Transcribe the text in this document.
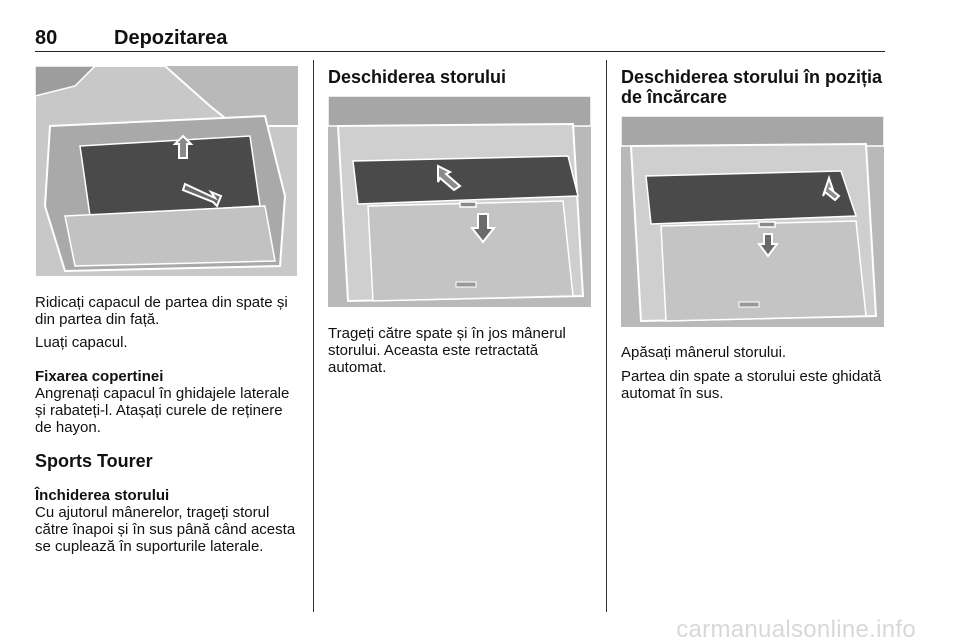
80	Depozitarea

Ridicați capacul de partea din spate și din partea din față.

Luați capacul.

Fixarea copertinei

Angrenați capacul în ghidajele laterale și rabateți-l. Atașați curele de reținere de hayon.

Sports Tourer

Închiderea storului

Cu ajutorul mânerelor, trageți storul către înapoi și în sus până când acesta se cuplează în suporturile laterale.

Deschiderea storului

Trageți către spate și în jos mânerul storului. Aceasta este retractată automat.

Deschiderea storului în poziția de încărcare

Apăsați mânerul storului.

Partea din spate a storului este ghidată automat în sus.

carmanualsonline.info
